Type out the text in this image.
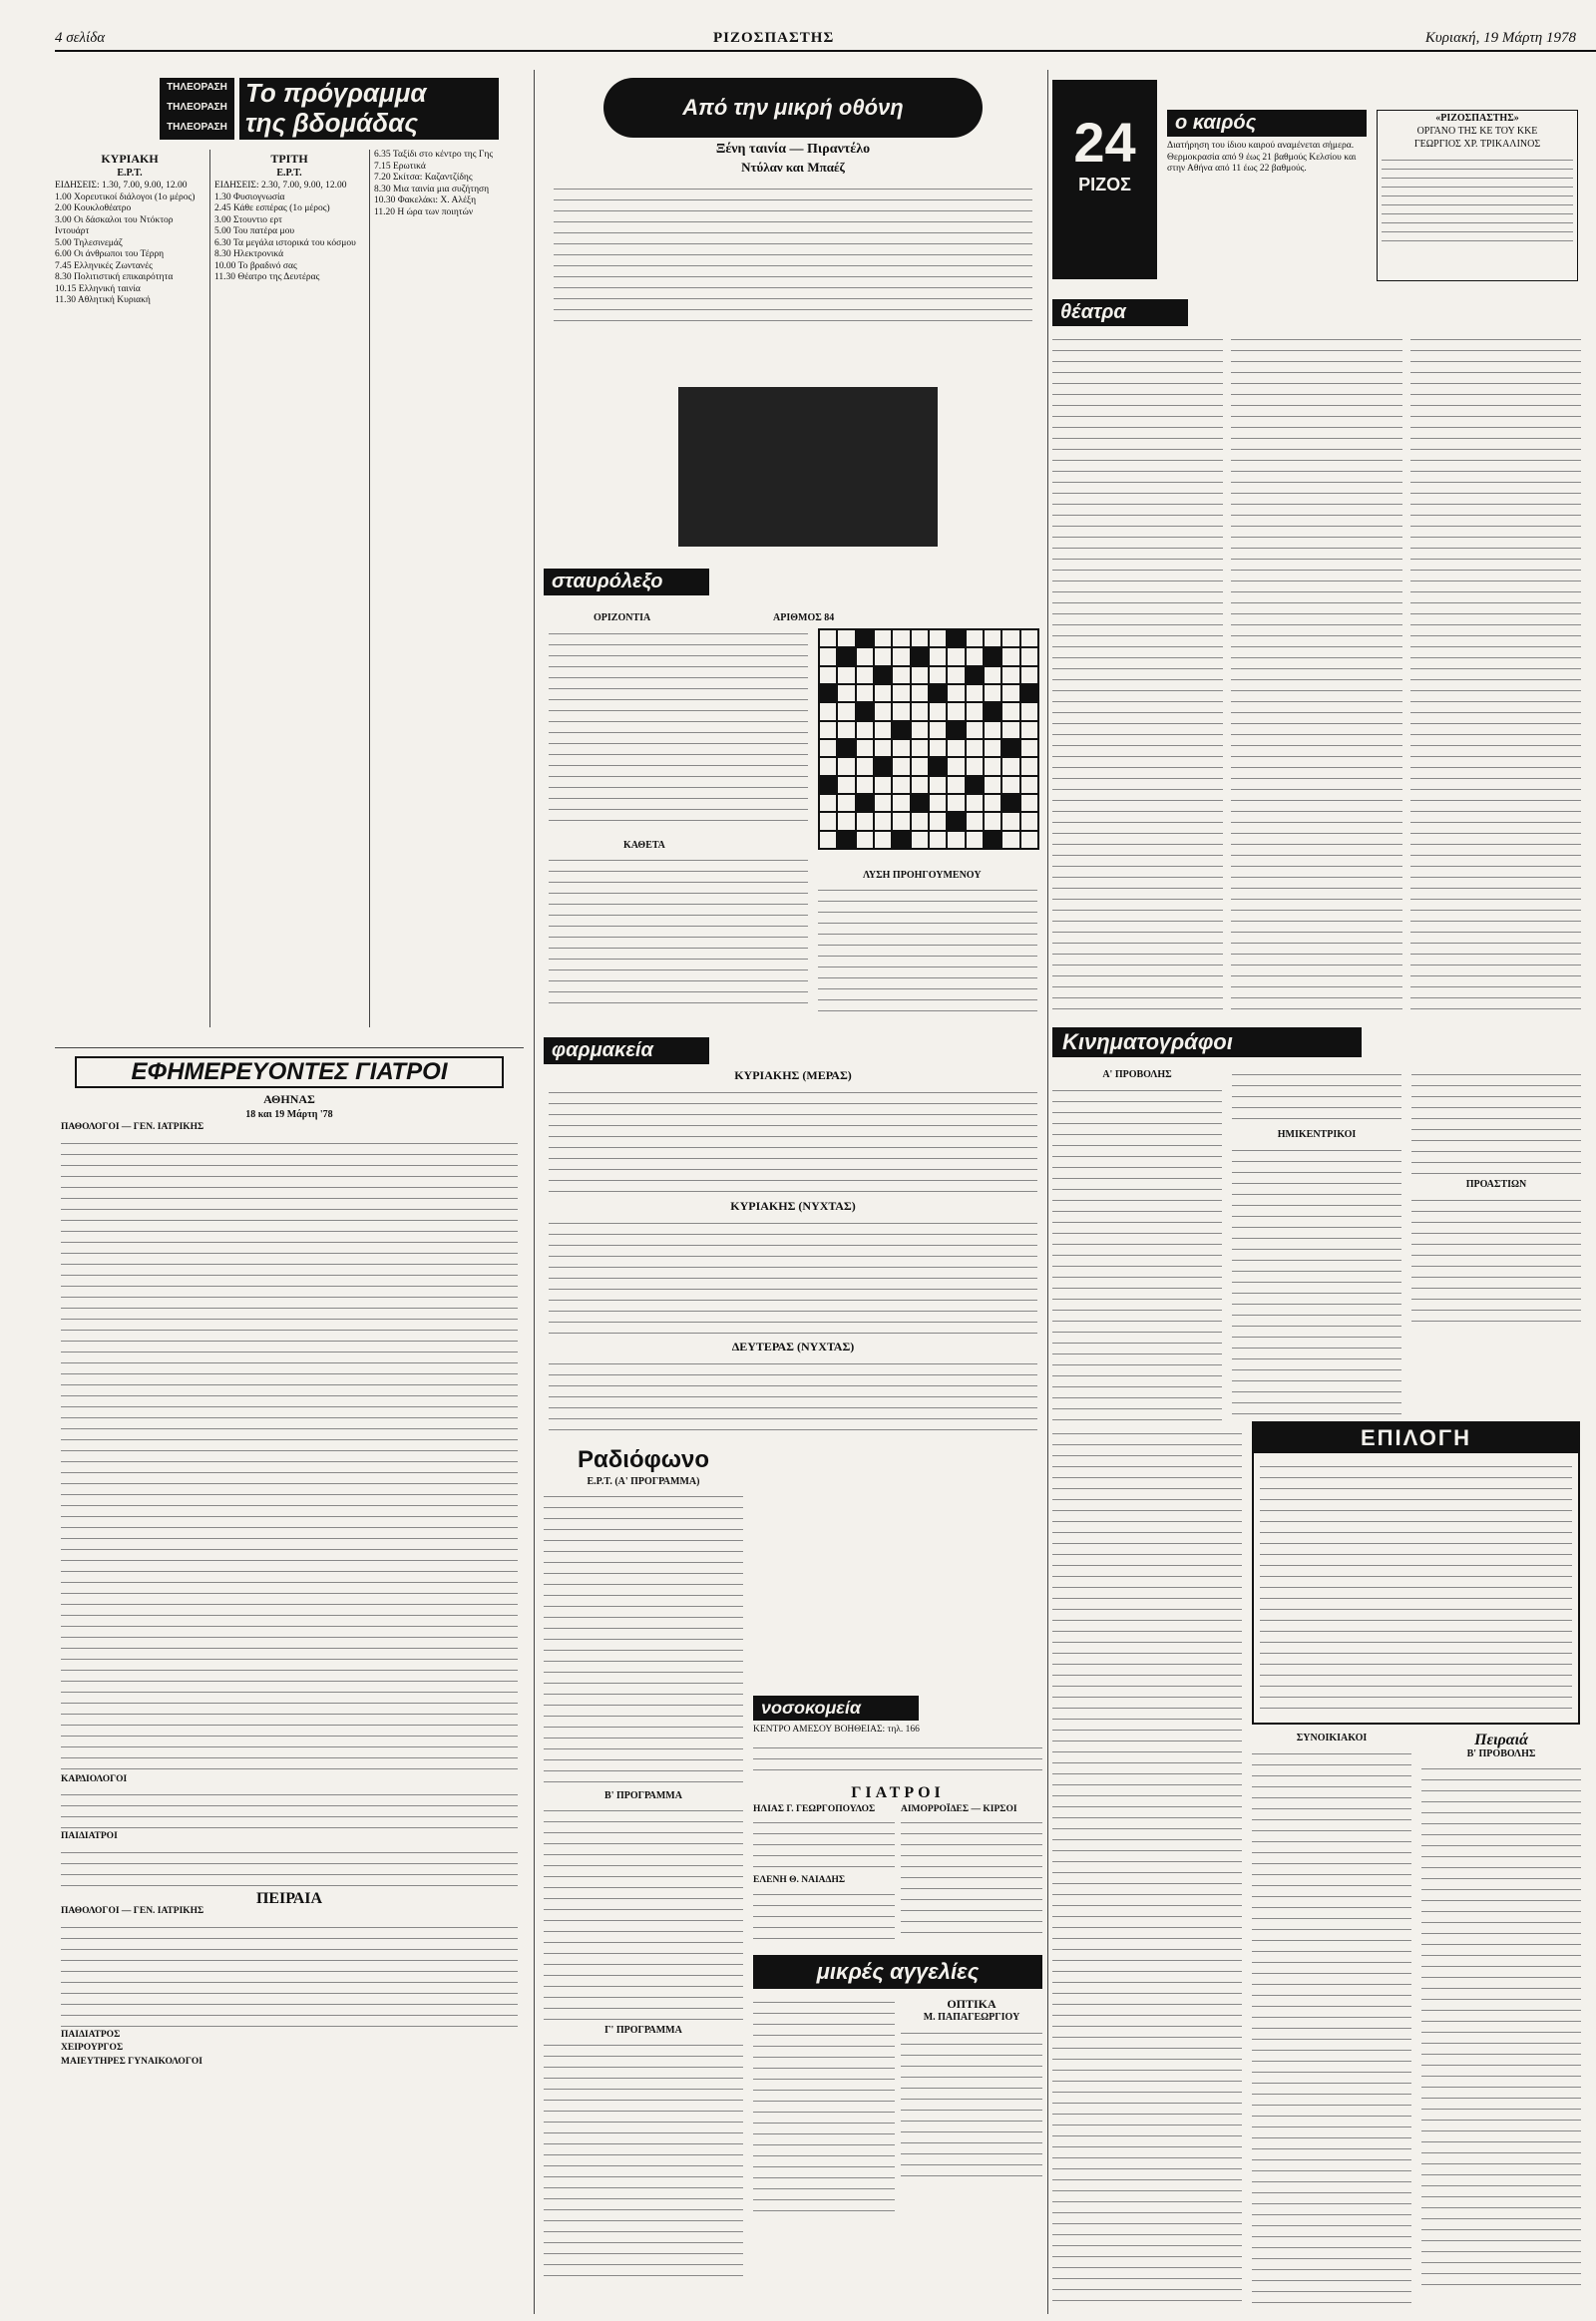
4 σελίδα	ΡΙΖΟΣΠΑΣΤΗΣ	Κυριακή, 19 Μάρτη 1978
ΤΗΛΕΟΡΑΣΗ
ΤΗΛΕΟΡΑΣΗ
ΤΗΛΕΟΡΑΣΗ
Το πρόγραμμα
της βδομάδας
ΚΥΡΙΑΚΗ
Ε.Ρ.Τ.

ΕΙΔΗΣΕΙΣ: 1.30, 7.00, 9.00, 12.00

1.00 Χορευτικοί διάλογοι (1ο μέρος)

2.00 Κουκλοθέατρο

3.00 Οι δάσκαλοι του Ντόκτορ Ιντουάρτ

5.00 Τηλεσινεμάζ

6.00 Οι άνθρωποι του Τέρρη

7.45 Ελληνικές Ζωντανές

8.30 Πολιτιστική επικαιρότητα

10.15 Ελληνική ταινία

11.30 Αθλητική Κυριακή

ΤΡΙΤΗ
Ε.Ρ.Τ.

ΕΙΔΗΣΕΙΣ: 2.30, 7.00, 9.00, 12.00

1.30 Φυσιογνωσία

2.45 Κάθε εσπέρας (1ο μέρος)

3.00 Στουντιο ερτ

5.00 Του πατέρα μου

6.30 Τα μεγάλα ιστορικά του κόσμου

8.30 Ηλεκτρονικά

10.00 Το βραδινό σας

11.30 Θέατρο της Δευτέρας

6.35 Ταξίδι στο κέντρο της Γης

7.15 Ερωτικά

7.20 Σκίτσα: Καζαντζίδης

8.30 Μια ταινία μια συζήτηση

10.30 Φακελάκι: Χ. Αλέξη

11.20 Η ώρα των ποιητών

ΕΦΗΜΕΡΕΥΟΝΤΕΣ ΓΙΑΤΡΟΙ
ΑΘΗΝΑΣ
18 και 19 Μάρτη '78

ΠΑΘΟΛΟΓΟΙ — ΓΕΝ. ΙΑΤΡΙΚΗΣ

ΚΑΡΔΙΟΛΟΓΟΙ

ΠΑΙΔΙΑΤΡΟΙ

ΠΕΙΡΑΙΑ

ΠΑΘΟΛΟΓΟΙ — ΓΕΝ. ΙΑΤΡΙΚΗΣ

ΠΑΙΔΙΑΤΡΟΣ

ΧΕΙΡΟΥΡΓΟΣ

ΜΑΙΕΥΤΗΡΕΣ ΓΥΝΑΙΚΟΛΟΓΟΙ

Από την μικρή οθόνη
Ξένη ταινία — Πιραντέλο
Ντύλαν και Μπαέζ
σταυρόλεξο
ΑΡΙΘΜΟΣ 84
ΟΡΙΖΟΝΤΙΑ
ΚΑΘΕΤΑ
ΛΥΣΗ ΠΡΟΗΓΟΥΜΕΝΟΥ
φαρμακεία
ΚΥΡΙΑΚΗΣ (ΜΕΡΑΣ)
ΚΥΡΙΑΚΗΣ (ΝΥΧΤΑΣ)
ΔΕΥΤΕΡΑΣ (ΝΥΧΤΑΣ)
Ραδιόφωνο
Ε.Ρ.Τ. (Α' ΠΡΟΓΡΑΜΜΑ)
Β' ΠΡΟΓΡΑΜΜΑ
Γ' ΠΡΟΓΡΑΜΜΑ
νοσοκομεία
ΚΕΝΤΡΟ ΑΜΕΣΟΥ ΒΟΗΘΕΙΑΣ: τηλ. 166
ΓΙΑΤΡΟΙ

ΗΛΙΑΣ Γ. ΓΕΩΡΓΟΠΟΥΛΟΣ

ΕΛΕΝΗ Θ. ΝΑΙΑΔΗΣ

ΑΙΜΟΡΡΟΪΔΕΣ — ΚΙΡΣΟΙ

μικρές αγγελίες
ΟΠΤΙΚΑ
Μ. ΠΑΠΑΓΕΩΡΓΙΟΥ
24
ΡΙΖΟΣ
ο καιρός
Διατήρηση του ίδιου καιρού αναμένεται σήμερα. Θερμοκρασία από 9 έως 21 βαθμούς Κελσίου και στην Αθήνα από 11 έως 22 βαθμούς.
«ΡΙΖΟΣΠΑΣΤΗΣ»
ΟΡΓΑΝΟ ΤΗΣ ΚΕ ΤΟΥ ΚΚΕ
ΓΕΩΡΓΙΟΣ ΧΡ. ΤΡΙΚΑΛΙΝΟΣ
θέατρα
Κινηματογράφοι
Α' ΠΡΟΒΟΛΗΣ
ΗΜΙΚΕΝΤΡΙΚΟΙ
ΠΡΟΑΣΤΙΩΝ
ΕΠΙΛΟΓΗ
ΣΥΝΟΙΚΙΑΚΟΙ	Πειραιά
Β' ΠΡΟΒΟΛΗΣ
